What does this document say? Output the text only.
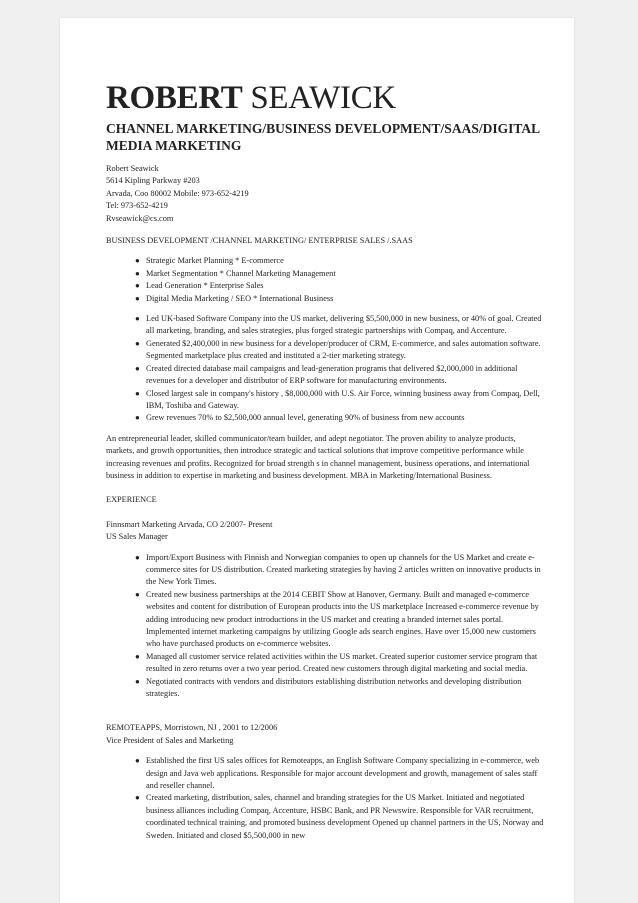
ROBERT SEAWICK
CHANNEL MARKETING/BUSINESS DEVELOPMENT/SAAS/DIGITAL MEDIA MARKETING
Robert Seawick
5614 Kipling Parkway #203
Arvada, Coo 80002 Mobile: 973-652-4219
Tel: 973-652-4219
Rvseawick@cs.com
BUSINESS DEVELOPMENT /CHANNEL MARKETING/ ENTERPRISE SALES /.SAAS
● Strategic Market Planning * E-commerce
● Market Segmentation * Channel Marketing Management
● Lead Generation * Enterprise Sales
● Digital Media Marketing / SEO * International Business
● Led UK-based Software Company into the US market, delivering $5,500,000 in new business, or 40% of goal. Created all marketing, branding, and sales strategies, plus forged strategic partnerships with Compaq, and Accenture.
● Generated $2,400,000 in new business for a developer/producer of CRM, E-commerce, and sales automation software. Segmented marketplace plus created and instituted a 2-tier marketing strategy.
● Created directed database mail campaigns and lead-generation programs that delivered $2,000,000 in additional revenues for a developer and distributor of ERP software for manufacturing environments.
● Closed largest sale in company's history , $8,000,000 with U.S. Air Force, winning business away from Compaq, Dell, IBM, Toshiba and Gateway.
● Grew revenues 70% to $2,500,000 annual level, generating 90% of business from new accounts
An entrepreneurial leader, skilled communicator/team builder, and adept negotiator. The proven ability to analyze products, markets, and growth opportunities, then introduce strategic and tactical solutions that improve competitive performance while increasing revenues and profits. Recognized for broad strength s in channel management, business operations, and international business in addition to expertise in marketing and business development. MBA in Marketing/International Business.
EXPERIENCE
Finnsmart Marketing Arvada, CO 2/2007- Present
US Sales Manager
● Import/Export Business with Finnish and Norwegian companies to open up channels for the US Market and create e-commerce sites for US distribution. Created marketing strategies by having 2 articles written on innovative products in the New York Times.
● Created new business partnerships at the 2014 CEBIT Show at Hanover, Germany. Built and managed e-commerce websites and content for distribution of European products into the US marketplace Increased e-commerce revenue by adding introducing new product introductions in the US market and creating a branded internet sales portal. Implemented internet marketing campaigns by utilizing Google ads search engines. Have over 15,000 new customers who have purchased products on e-commerce websites.
● Managed all customer service related activities within the US market. Created superior customer service program that resulted in zero returns over a two year period. Created new customers through digital marketing and social media.
● Negotiated contracts with vendors and distributors establishing distribution networks and developing distribution strategies.
REMOTEAPPS, Morristown, NJ , 2001 to 12/2006
Vice President of Sales and Marketing
● Established the first US sales offices for Remoteapps, an English Software Company specializing in e-commerce, web design and Java web applications. Responsible for major account development and growth, management of sales staff and reseller channel.
● Created marketing, distribution, sales, channel and branding strategies for the US Market. Initiated and negotiated business alliances including Compaq, Accenture, HSBC Bank, and PR Newswire. Responsible for VAR recruitment, coordinated technical training, and promoted business development Opened up channel partners in the US, Norway and Sweden. Initiated and closed $5,500,000 in new
